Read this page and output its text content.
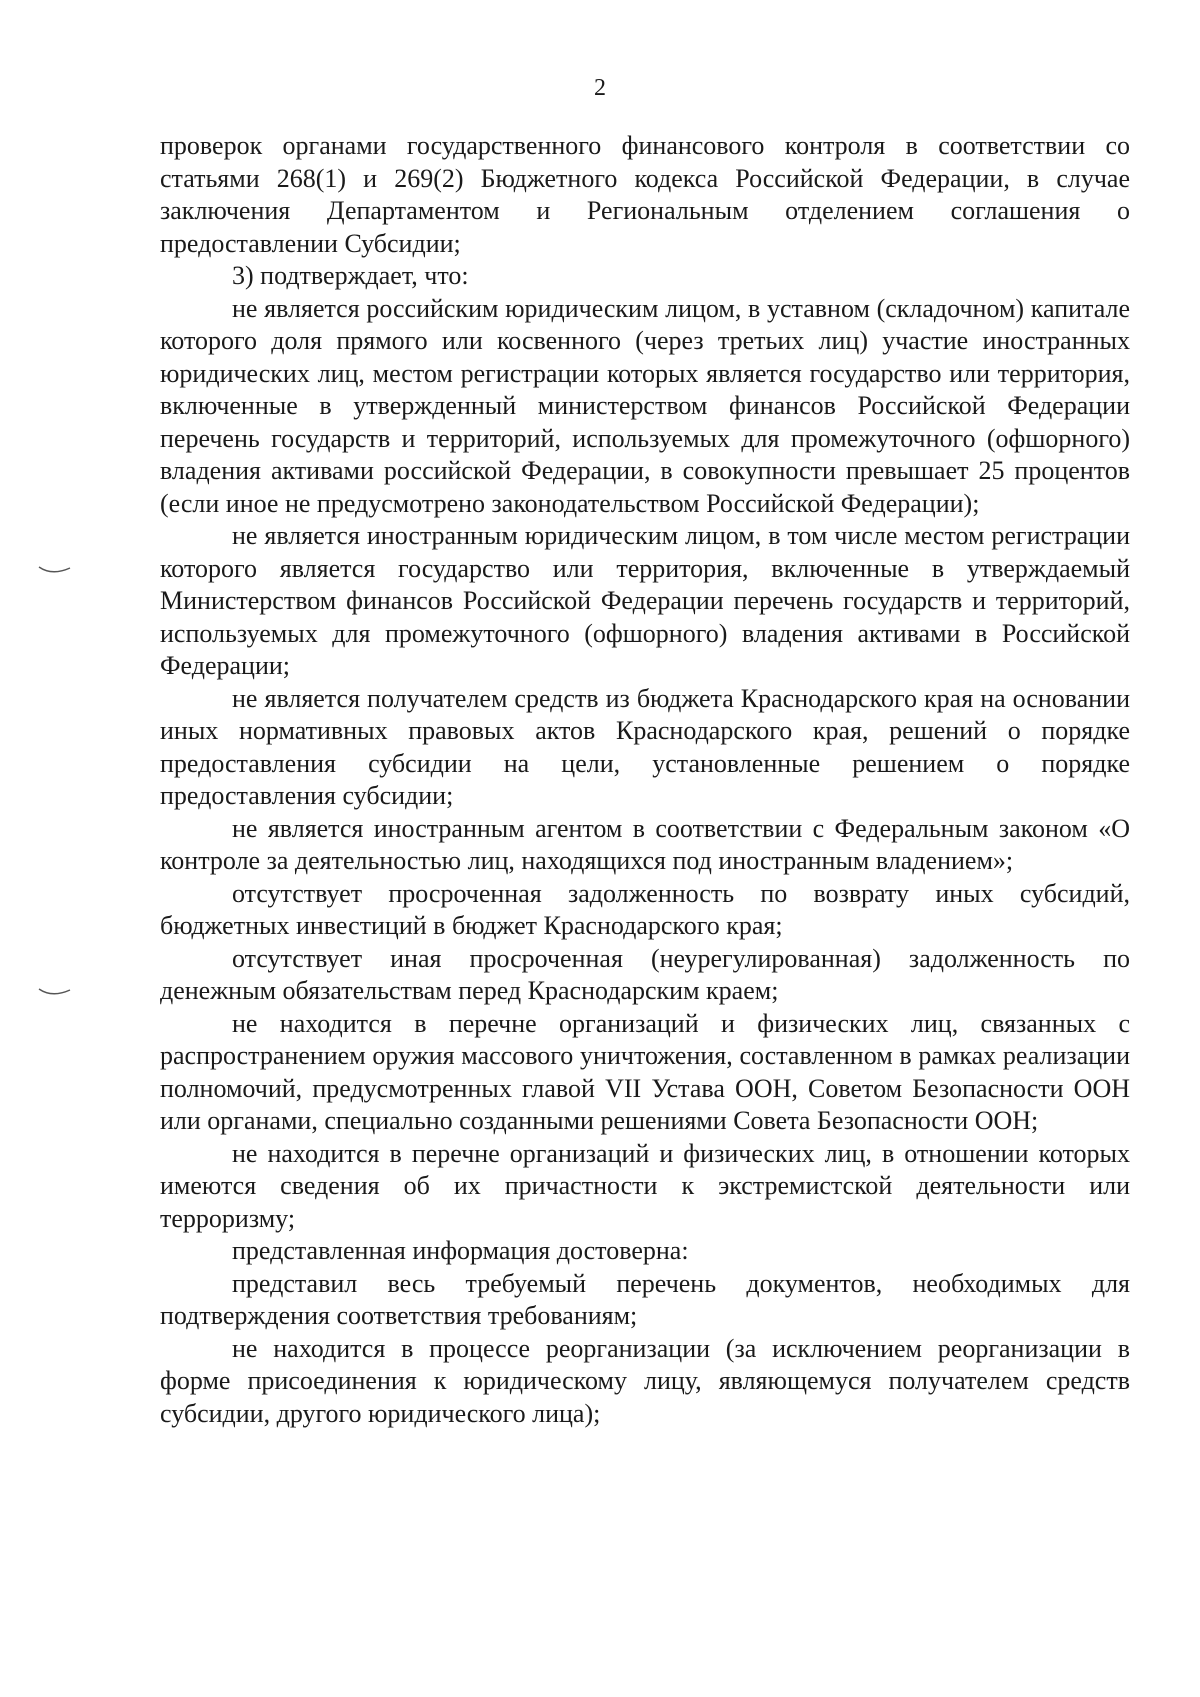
2

проверок органами государственного финансового контроля в соответствии со статьями 268(1) и 269(2) Бюджетного кодекса Российской Федерации, в случае заключения Департаментом и Региональным отделением соглашения о предоставлении Субсидии;

3) подтверждает, что:

не является российским юридическим лицом, в уставном (складочном) капитале которого доля прямого или косвенного (через третьих лиц) участие иностранных юридических лиц, местом регистрации которых является государство или территория, включенные в утвержденный министерством финансов Российской Федерации перечень государств и территорий, используемых для промежуточного (офшорного) владения активами российской Федерации, в совокупности превышает 25 процентов (если иное не предусмотрено законодательством Российской Федерации);

не является иностранным юридическим лицом, в том числе местом регистрации которого является государство или территория, включенные в утверждаемый Министерством финансов Российской Федерации перечень государств и территорий, используемых для промежуточного (офшорного) владения активами в Российской Федерации;

не является получателем средств из бюджета Краснодарского края на основании иных нормативных правовых актов Краснодарского края, решений о порядке предоставления субсидии на цели, установленные решением о порядке предоставления субсидии;

не является иностранным агентом в соответствии с Федеральным законом «О контроле за деятельностью лиц, находящихся под иностранным владением»;

отсутствует просроченная задолженность по возврату иных субсидий, бюджетных инвестиций в бюджет Краснодарского края;

отсутствует иная просроченная (неурегулированная) задолженность по денежным обязательствам перед Краснодарским краем;

не находится в перечне организаций и физических лиц, связанных с распространением оружия массового уничтожения, составленном в рамках реализации полномочий, предусмотренных главой VII Устава ООН, Советом Безопасности ООН или органами, специально созданными решениями Совета Безопасности ООН;

не находится в перечне организаций и физических лиц, в отношении которых имеются сведения об их причастности к экстремистской деятельности или терроризму;

представленная информация достоверна:

представил весь требуемый перечень документов, необходимых для подтверждения соответствия требованиям;

не находится в процессе реорганизации (за исключением реорганизации в форме присоединения к юридическому лицу, являющемуся получателем средств субсидии, другого юридического лица);
